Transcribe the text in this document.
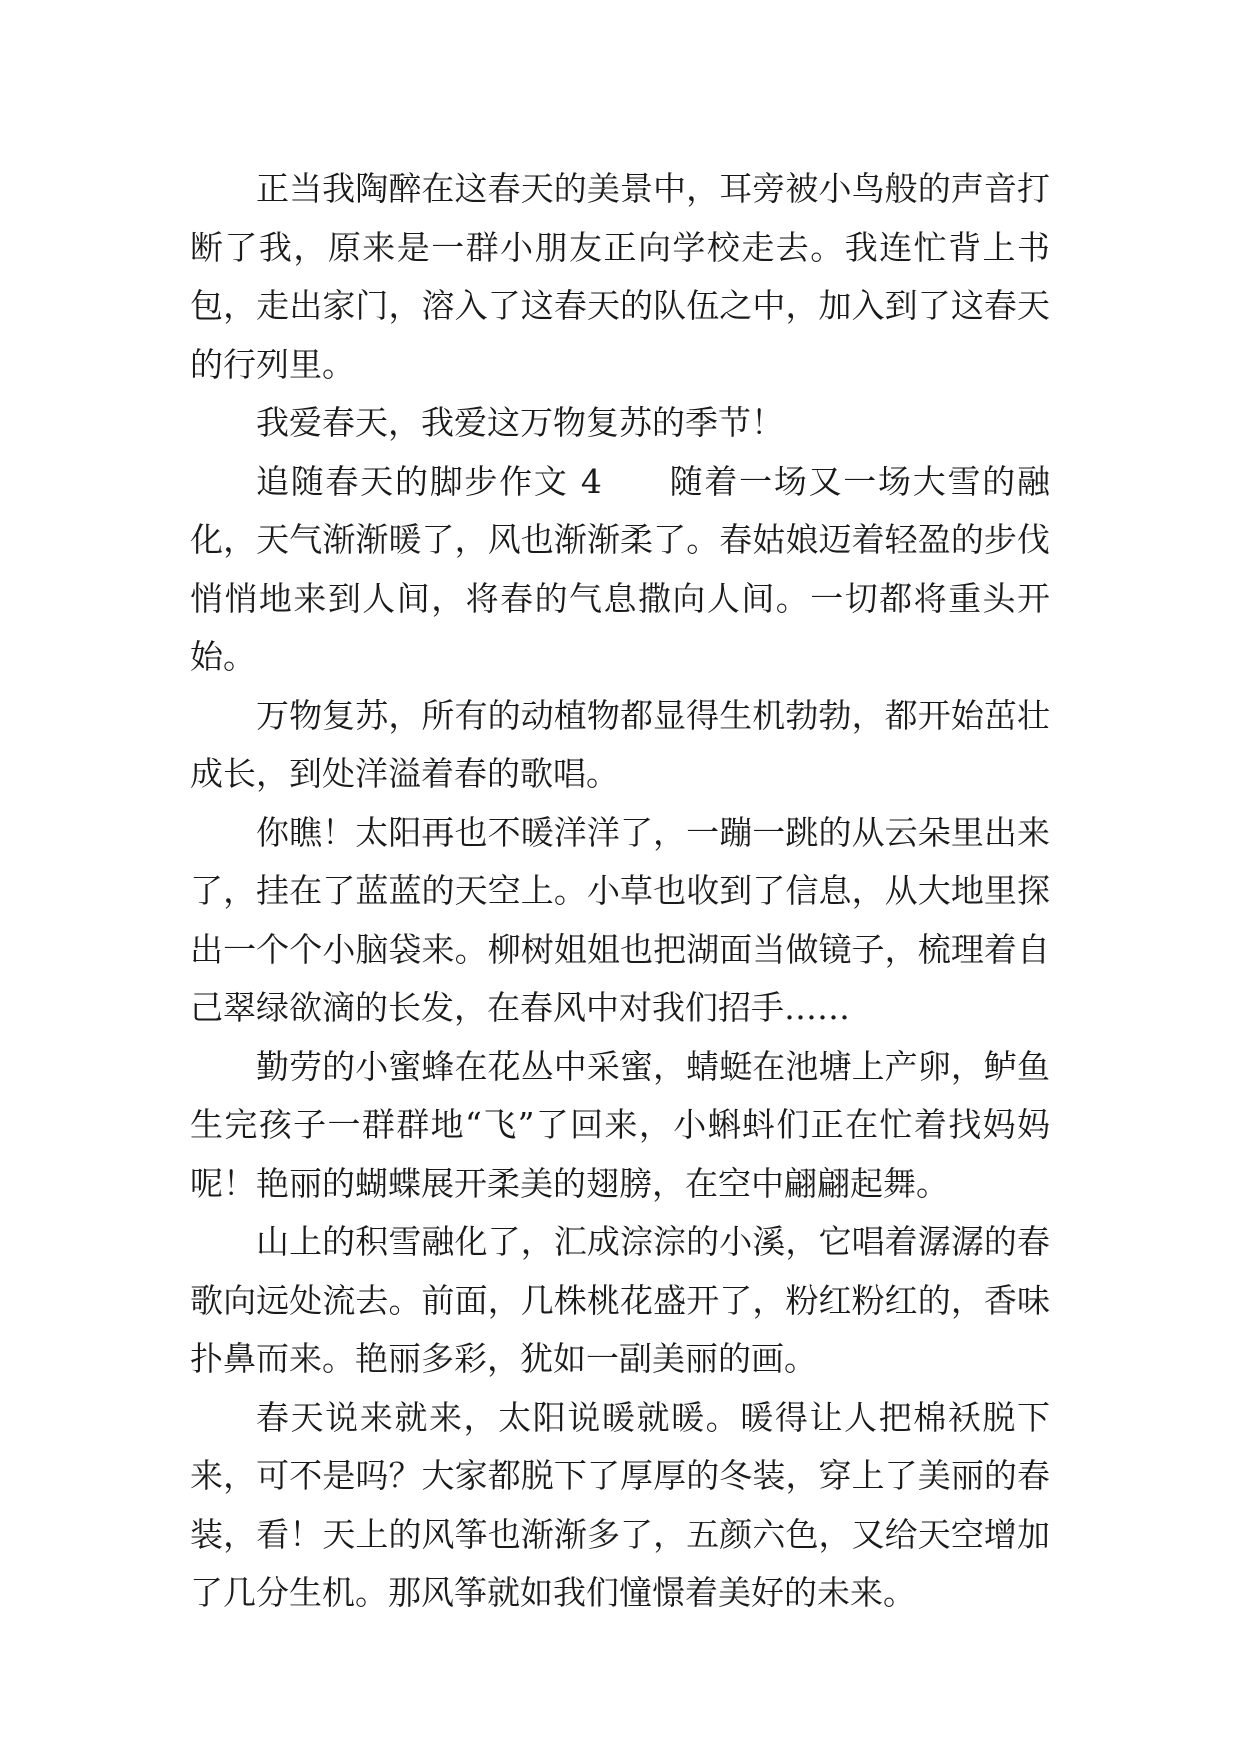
正当我陶醉在这春天的美景中，耳旁被小鸟般的声音打断了我，原来是一群小朋友正向学校走去。我连忙背上书包，走出家门，溶入了这春天的队伍之中，加入到了这春天的行列里。

我爱春天，我爱这万物复苏的季节！

追随春天的脚步作文 4 随着一场又一场大雪的融化，天气渐渐暖了，风也渐渐柔了。春姑娘迈着轻盈的步伐悄悄地来到人间，将春的气息撒向人间。一切都将重头开始。

万物复苏，所有的动植物都显得生机勃勃，都开始茁壮成长，到处洋溢着春的歌唱。

你瞧！太阳再也不暖洋洋了，一蹦一跳的从云朵里出来了，挂在了蓝蓝的天空上。小草也收到了信息，从大地里探出一个个小脑袋来。柳树姐姐也把湖面当做镜子，梳理着自己翠绿欲滴的长发，在春风中对我们招手……

勤劳的小蜜蜂在花丛中采蜜，蜻蜓在池塘上产卵，鲈鱼生完孩子一群群地“飞”了回来，小蝌蚪们正在忙着找妈妈呢！艳丽的蝴蝶展开柔美的翅膀，在空中翩翩起舞。

山上的积雪融化了，汇成淙淙的小溪，它唱着潺潺的春歌向远处流去。前面，几株桃花盛开了，粉红粉红的，香味扑鼻而来。艳丽多彩，犹如一副美丽的画。

春天说来就来，太阳说暖就暖。暖得让人把棉袄脱下来，可不是吗？大家都脱下了厚厚的冬装，穿上了美丽的春装，看！天上的风筝也渐渐多了，五颜六色，又给天空增加了几分生机。那风筝就如我们憧憬着美好的未来。
